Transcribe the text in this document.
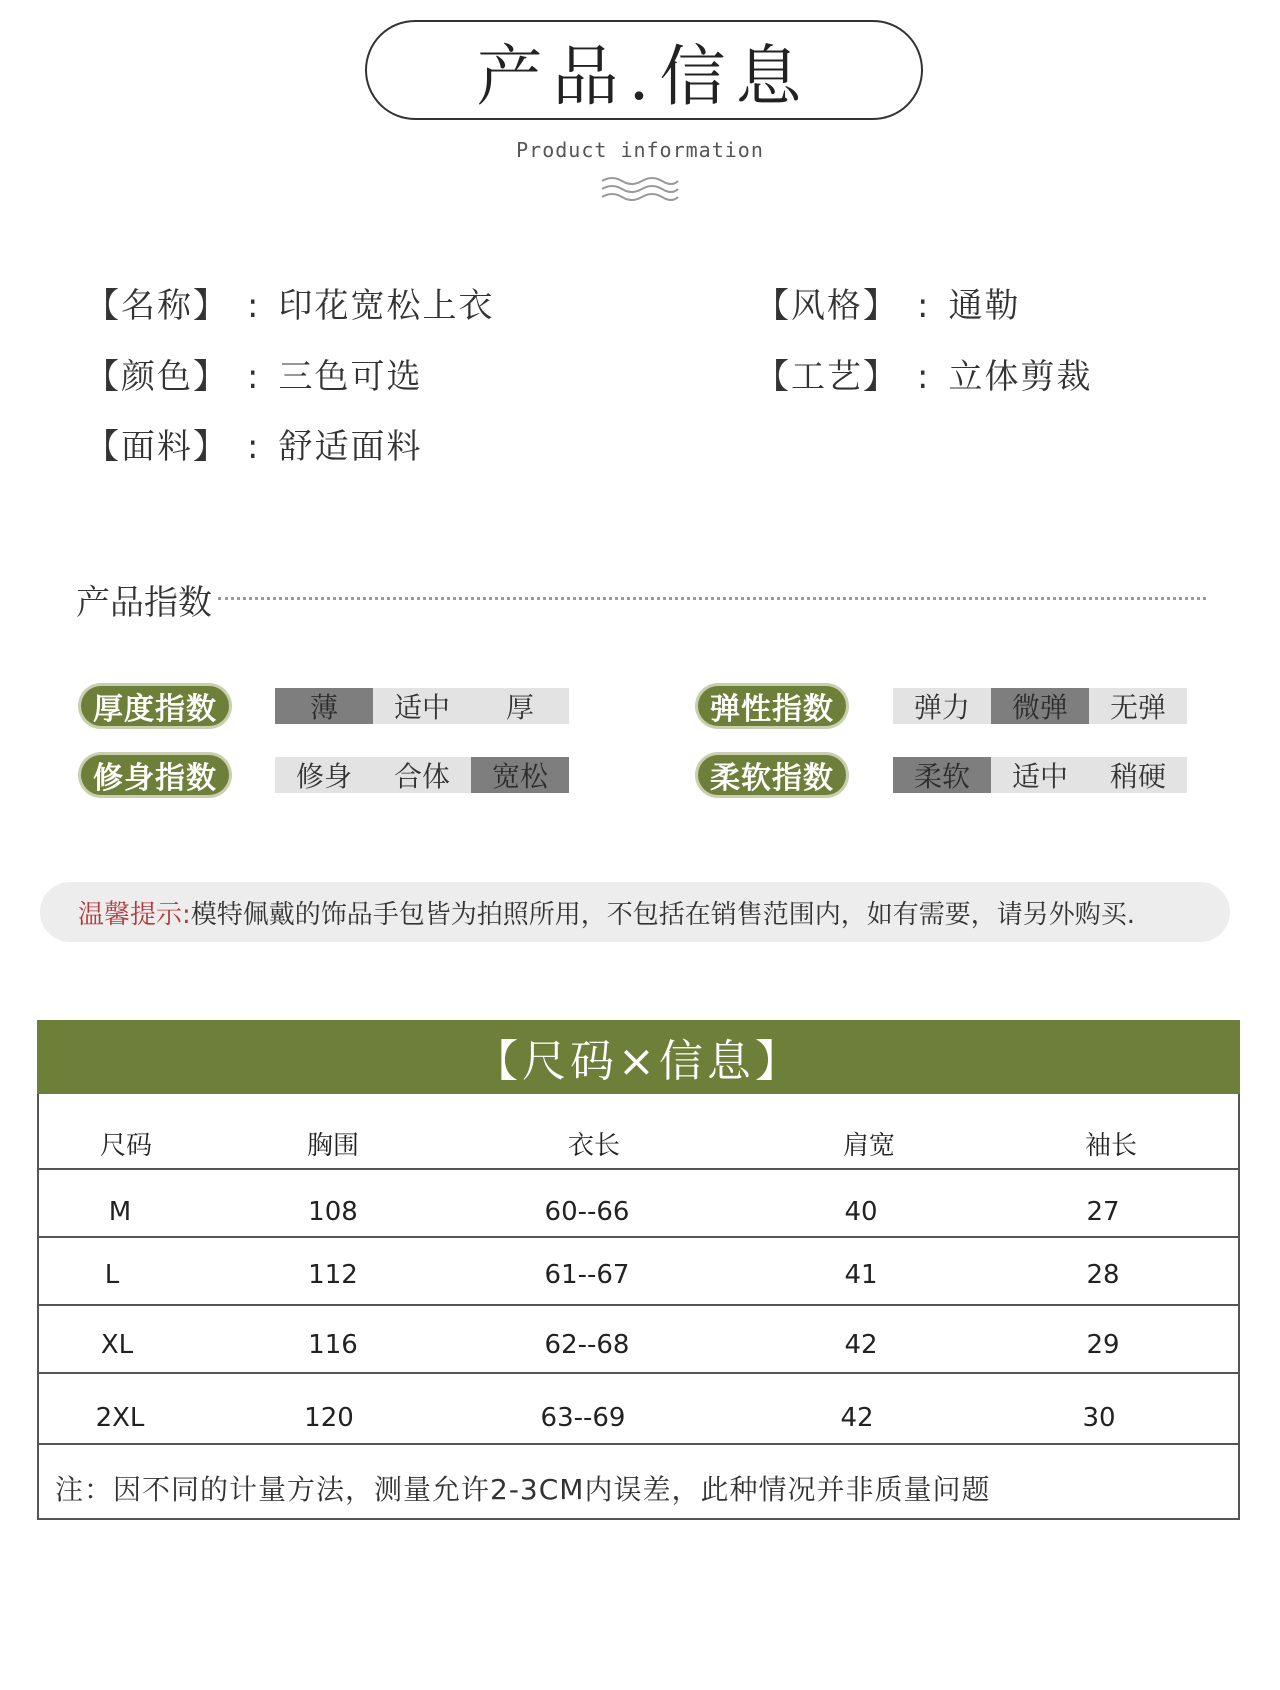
产品.信息
Product information
【名称】 : 印花宽松上衣	【风格】 : 通勒
【颜色】 : 三色可选	【工艺】 : 立体剪裁
【面料】 : 舒适面料
产品指数
厚度指数	薄	适中	厚	弹性指数	弹力	微弹	无弹
修身指数	修身	合体	宽松	柔软指数	柔软	适中	稍硬
温馨提示: 模特佩戴的饰品手包皆为拍照所用，不包括在销售范围内，如有需要，请另外购买.
【尺码×信息】
尺码	胸围	衣长	肩宽	袖长
M	108	60--66	40	27
L	112	61--67	41	28
XL	116	62--68	42	29
2XL	120	63--69	42	30
注：因不同的计量方法，测量允许2-3CM内误差，此种情况并非质量问题
